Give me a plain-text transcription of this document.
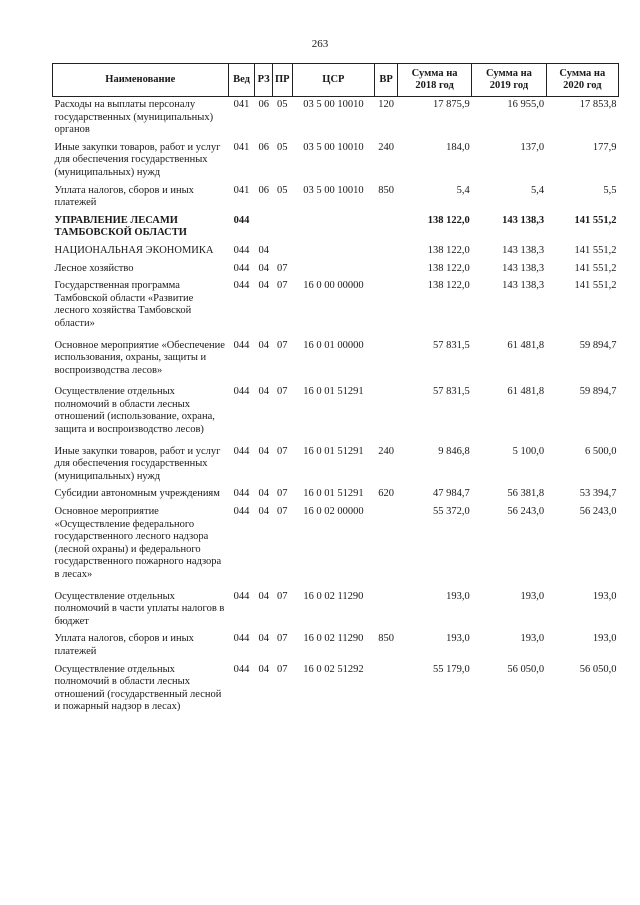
263
Наименование	Вед	РЗ	ПР	ЦСР	ВР	Сумма на 2018 год	Сумма на 2019 год	Сумма на 2020 год
Расходы на выплаты персоналу государственных (муниципальных) органов	041	06	05	03 5 00 10010	120	17 875,9	16 955,0	17 853,8
Иные закупки товаров, работ и услуг для обеспечения государственных (муниципальных) нужд	041	06	05	03 5 00 10010	240	184,0	137,0	177,9
Уплата налогов, сборов и иных платежей	041	06	05	03 5 00 10010	850	5,4	5,4	5,5
УПРАВЛЕНИЕ ЛЕСАМИ ТАМБОВСКОЙ ОБЛАСТИ	044					138 122,0	143 138,3	141 551,2
НАЦИОНАЛЬНАЯ ЭКОНОМИКА	044	04				138 122,0	143 138,3	141 551,2
Лесное хозяйство	044	04	07			138 122,0	143 138,3	141 551,2
Государственная программа Тамбовской области «Развитие лесного хозяйства Тамбовской области»	044	04	07	16 0 00 00000		138 122,0	143 138,3	141 551,2
Основное мероприятие «Обеспечение использования, охраны, защиты и воспроизводства лесов»	044	04	07	16 0 01 00000		57 831,5	61 481,8	59 894,7
Осуществление отдельных полномочий в области лесных отношений (использование, охрана, защита и воспроизводство лесов)	044	04	07	16 0 01 51291		57 831,5	61 481,8	59 894,7
Иные закупки товаров, работ и услуг для обеспечения государственных (муниципальных) нужд	044	04	07	16 0 01 51291	240	9 846,8	5 100,0	6 500,0
Субсидии автономным учреждениям	044	04	07	16 0 01 51291	620	47 984,7	56 381,8	53 394,7
Основное мероприятие «Осуществление федерального государственного лесного надзора (лесной охраны) и федерального государственного пожарного надзора в лесах»	044	04	07	16 0 02 00000		55 372,0	56 243,0	56 243,0
Осуществление отдельных полномочий в части уплаты налогов в бюджет	044	04	07	16 0 02 11290		193,0	193,0	193,0
Уплата налогов, сборов и иных платежей	044	04	07	16 0 02 11290	850	193,0	193,0	193,0
Осуществление отдельных полномочий в области лесных отношений (государственный лесной и пожарный надзор в лесах)	044	04	07	16 0 02 51292		55 179,0	56 050,0	56 050,0
